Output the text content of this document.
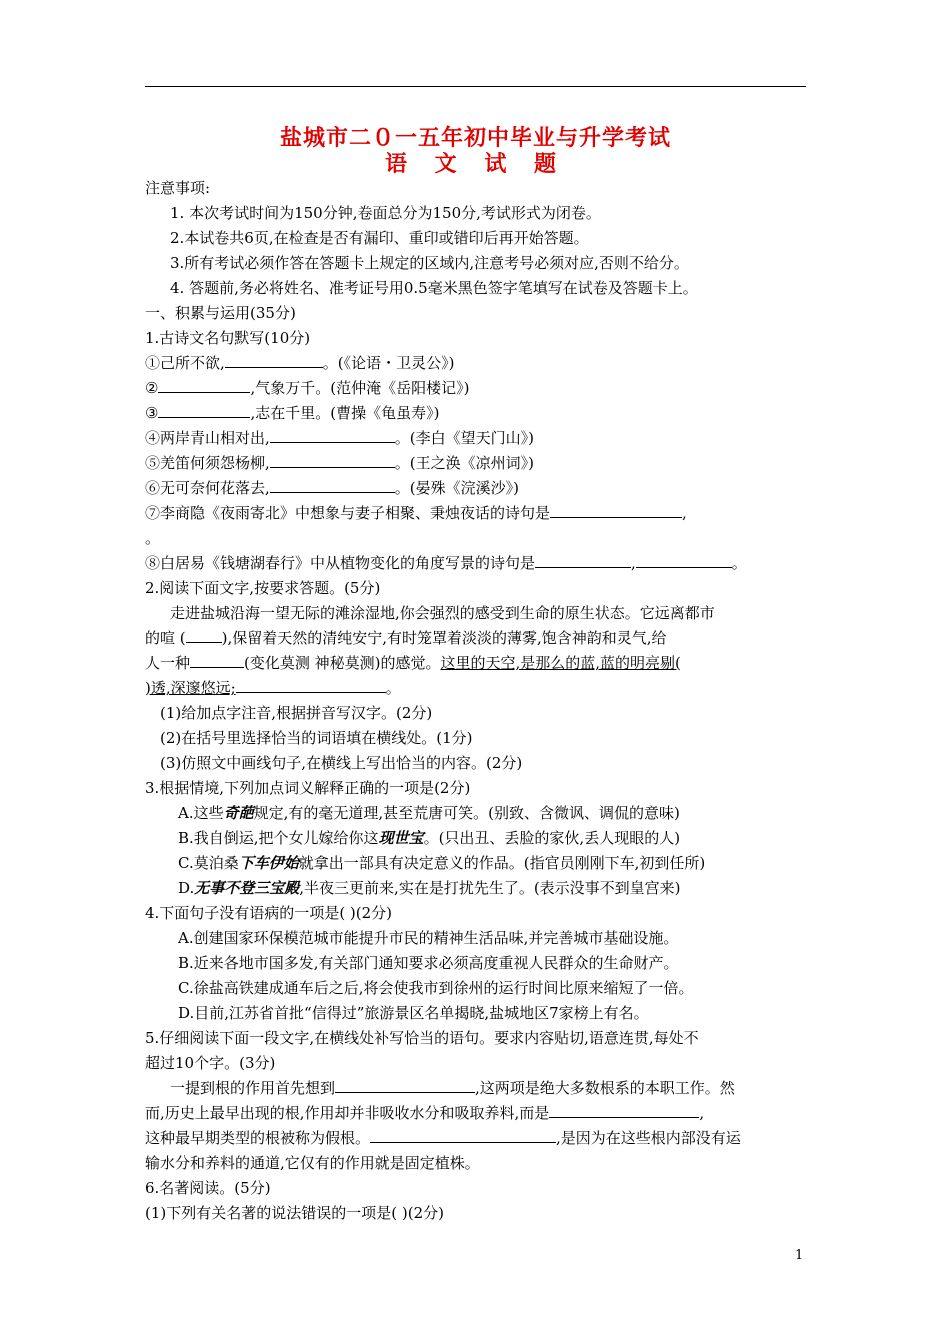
盐城市二０一五年初中毕业与升学考试
语 文 试 题
注意事项:
1. 本次考试时间为150分钟,卷面总分为150分,考试形式为闭卷。
2.本试卷共6页,在检查是否有漏印、重印或错印后再开始答题。
3.所有考试必须作答在答题卡上规定的区域内,注意考号必须对应,否则不给分。
4. 答题前,务必将姓名、准考证号用0.5毫米黑色签字笔填写在试卷及答题卡上。
一、积累与运用(35分)
1.古诗文名句默写(10分)
①己所不欲,	。(《论语・卫灵公》)
②	,气象万千。(范仲淹《岳阳楼记》)
③	,志在千里。(曹操《龟虽寿》)
④两岸青山相对出,	。(李白《望天门山》)
⑤羌笛何须怨杨柳,	。(王之涣《凉州词》)
⑥无可奈何花落去,	。(晏殊《浣溪沙》)
⑦李商隐《夜雨寄北》中想象与妻子相聚、秉烛夜话的诗句是	,
。
⑧白居易《钱塘湖春行》中从植物变化的角度写景的诗句是	,	。
2.阅读下面文字,按要求答题。(5分)
走进盐城沿海一望无际的滩涂湿地,你会强烈的感受到生命的原生状态。它远离都市
的喧 ( ),保留着天然的清纯安宁,有时笼罩着淡淡的薄雾,饱含神韵和灵气,给
人一种	(变化莫测 神秘莫测)的感觉。这里的天空,是那么的蓝,蓝的明亮剔(
)透,深邃悠远;	。
(1)给加点字注音,根据拼音写汉字。(2分)
(2)在括号里选择恰当的词语填在横线处。(1分)
(3)仿照文中画线句子,在横线上写出恰当的内容。(2分)
3.根据情境,下列加点词义解释正确的一项是(2分)
A.这些奇葩规定,有的毫无道理,甚至荒唐可笑。(别致、含微讽、调侃的意味)
B.我自倒运,把个女儿嫁给你这现世宝。(只出丑、丢脸的家伙,丢人现眼的人)
C.莫泊桑下车伊始就拿出一部具有决定意义的作品。(指官员刚刚下车,初到任所)
D.无事不登三宝殿,半夜三更前来,实在是打扰先生了。(表示没事不到皇宫来)
4.下面句子没有语病的一项是( )(2分)
A.创建国家环保模范城市能提升市民的精神生活品味,并完善城市基础设施。
B.近来各地市国多发,有关部门通知要求必须高度重视人民群众的生命财产。
C.徐盐高铁建成通车后之后,将会使我市到徐州的运行时间比原来缩短了一倍。
D.目前,江苏省首批“信得过”旅游景区名单揭晓,盐城地区7家榜上有名。
5.仔细阅读下面一段文字,在横线处补写恰当的语句。要求内容贴切,语意连贯,每处不
超过10个字。(3分)
一提到根的作用首先想到	,这两项是绝大多数根系的本职工作。然
而,历史上最早出现的根,作用却并非吸收水分和吸取养料,而是	,
这种最早期类型的根被称为假根。	,是因为在这些根内部没有运
输水分和养料的通道,它仅有的作用就是固定植株。
6.名著阅读。(5分)
(1)下列有关名著的说法错误的一项是( )(2分)
1
